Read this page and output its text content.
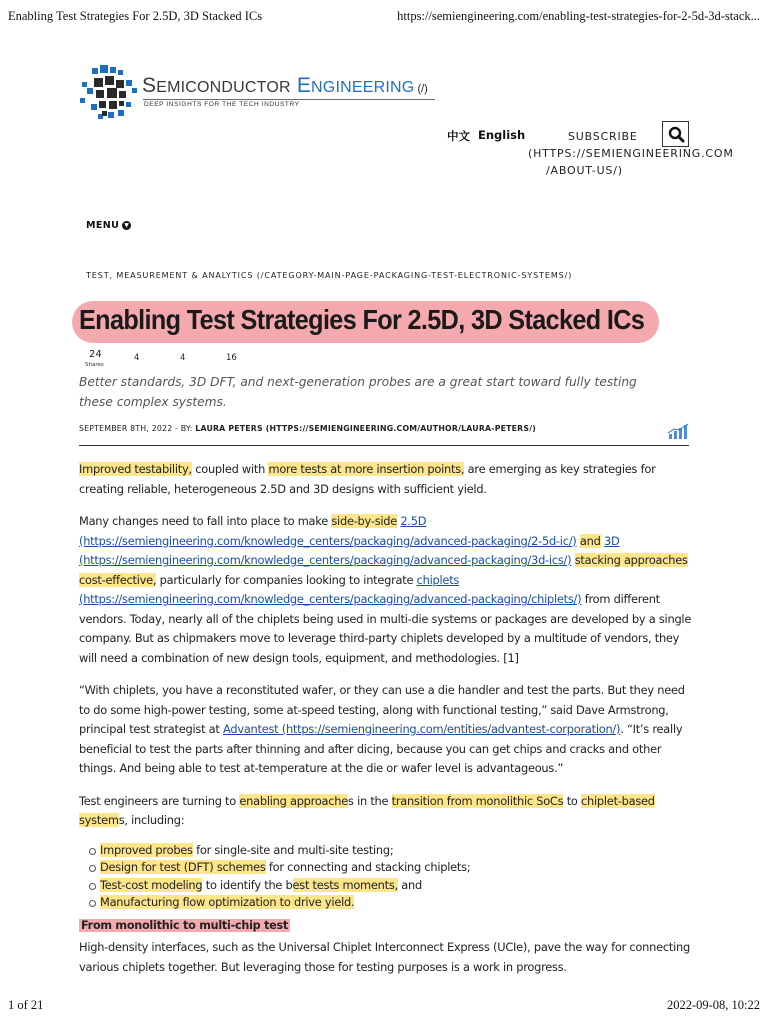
Enabling Test Strategies For 2.5D, 3D Stacked ICs	https://semiengineering.com/enabling-test-strategies-for-2-5d-3d-stack...
SEMICONDUCTOR ENGINEERING (/)
DEEP INSIGHTS FOR THE TECH INDUSTRY
中文 English	SUBSCRIBE
(HTTPS://SEMIENGINEERING.COM
/ABOUT-US/)
MENU ▼
TEST, MEASUREMENT & ANALYTICS (/CATEGORY-MAIN-PAGE-PACKAGING-TEST-ELECTRONIC-SYSTEMS/)
Enabling Test Strategies For 2.5D, 3D Stacked ICs
24
Shares
4	4	16
Better standards, 3D DFT, and next-generation probes are a great start toward fully testing these complex systems.
SEPTEMBER 8TH, 2022 - BY: LAURA PETERS (HTTPS://SEMIENGINEERING.COM/AUTHOR/LAURA-PETERS/)

Improved testability, coupled with more tests at more insertion points, are emerging as key strategies for creating reliable, heterogeneous 2.5D and 3D designs with sufficient yield.

Many changes need to fall into place to make side-by-side 2.5D (https://semiengineering.com/knowledge_centers/packaging/advanced-packaging/2-5d-ic/) and 3D (https://semiengineering.com/knowledge_centers/packaging/advanced-packaging/3d-ics/) stacking approaches cost-effective, particularly for companies looking to integrate chiplets (https://semiengineering.com/knowledge_centers/packaging/advanced-packaging/chiplets/) from different vendors. Today, nearly all of the chiplets being used in multi-die systems or packages are developed by a single company. But as chipmakers move to leverage third-party chiplets developed by a multitude of vendors, they will need a combination of new design tools, equipment, and methodologies. [1]

“With chiplets, you have a reconstituted wafer, or they can use a die handler and test the parts. But they need to do some high-power testing, some at-speed testing, along with functional testing,” said Dave Armstrong, principal test strategist at Advantest (https://semiengineering.com/entities/advantest-corporation/). “It’s really beneficial to test the parts after thinning and after dicing, because you can get chips and cracks and other things. And being able to test at-temperature at the die or wafer level is advantageous.”

Test engineers are turning to enabling approaches in the transition from monolithic SoCs to chiplet-based systems, including:

Improved probes for single-site and multi-site testing;
Design for test (DFT) schemes for connecting and stacking chiplets;
Test-cost modeling to identify the best tests moments, and
Manufacturing flow optimization to drive yield.
From monolithic to multi-chip test

High-density interfaces, such as the Universal Chiplet Interconnect Express (UCIe), pave the way for connecting various chiplets together. But leveraging those for testing purposes is a work in progress.

1 of 21	2022-09-08, 10:22
